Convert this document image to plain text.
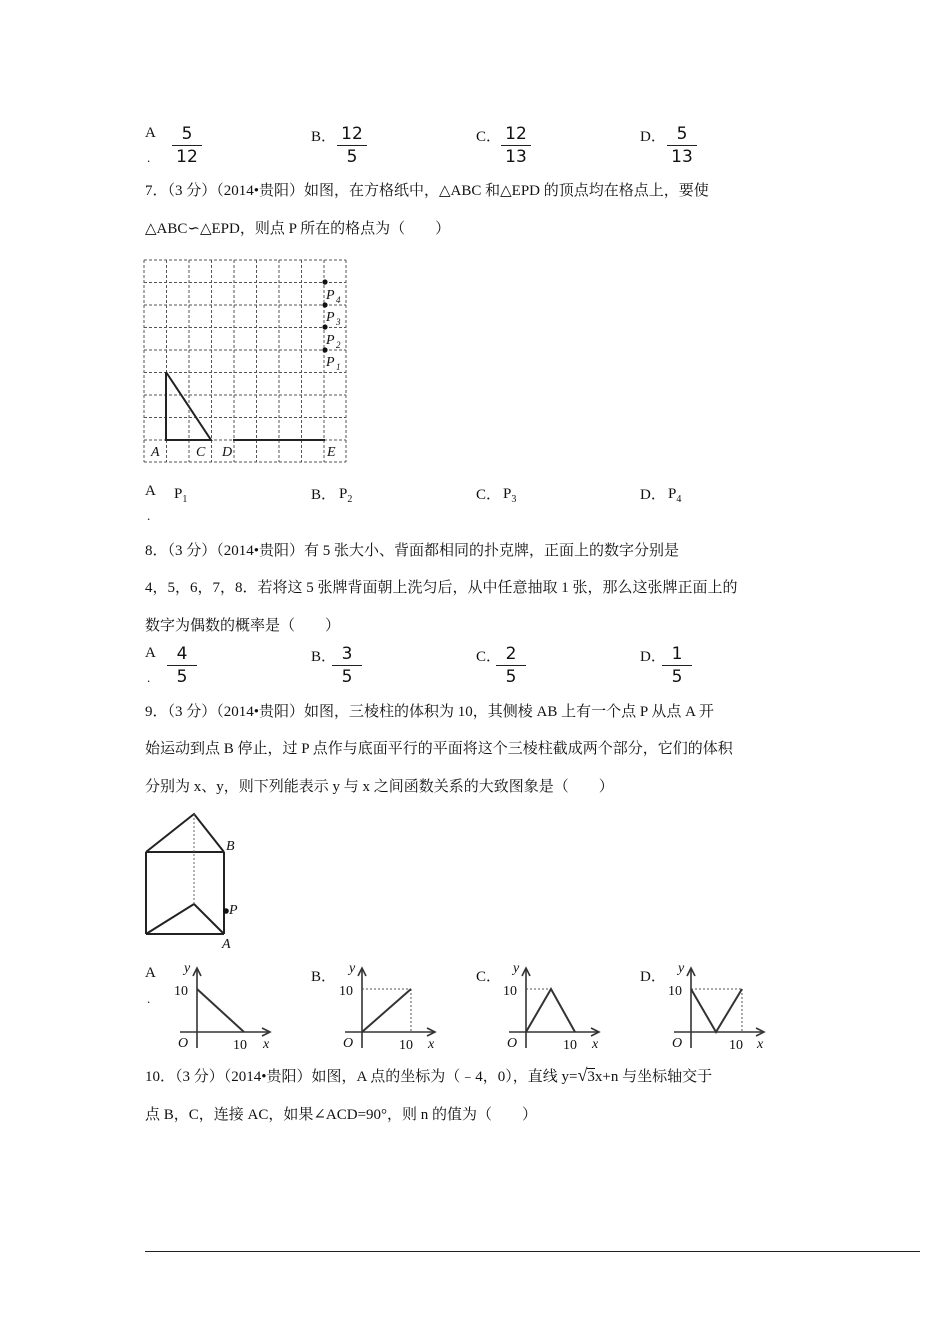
A
.
5
12
B． 12
5
C． 12
13
D． 5
13
7．（3 分）（2014•贵阳）如图，在方格纸中，△ABC 和△EPD 的顶点均在格点上，要使
△ABC∽△EPD，则点 P 所在的格点为（　　）
P 4
P 3
P 2
P 1
A	C D	E
A
.
$P_1$	B． $P_2$	C． $P_3$	D． $P_4$
8．（3 分）（2014•贵阳）有 5 张大小、背面都相同的扑克牌，正面上的数字分别是
4，5，6，7，8．若将这 5 张牌背面朝上洗匀后，从中任意抽取 1 张，那么这张牌正面上的
数字为偶数的概率是（　　）
A
.
4
5
B． 3
5
C． 2
5
D． 1
5
9．（3 分）（2014•贵阳）如图，三棱柱的体积为 10，其侧棱 AB 上有一个点 P 从点 A 开
始运动到点 B 停止，过 P 点作与底面平行的平面将这个三棱柱截成两个部分，它们的体积
分别为 x、y，则下列能表示 y 与 x 之间函数关系的大致图象是（　　）
B
P
A
A
.
y
x
10
O	10
B．
y
x
10
O	10
C．
y
x
10
O	10
D．
y
x
10
O	10
10．（3 分）（2014•贵阳）如图，A 点的坐标为（﹣4，0），直线 y=√3x+n 与坐标轴交于
点 B，C，连接 AC，如果∠ACD=90°，则 n 的值为（　　）
